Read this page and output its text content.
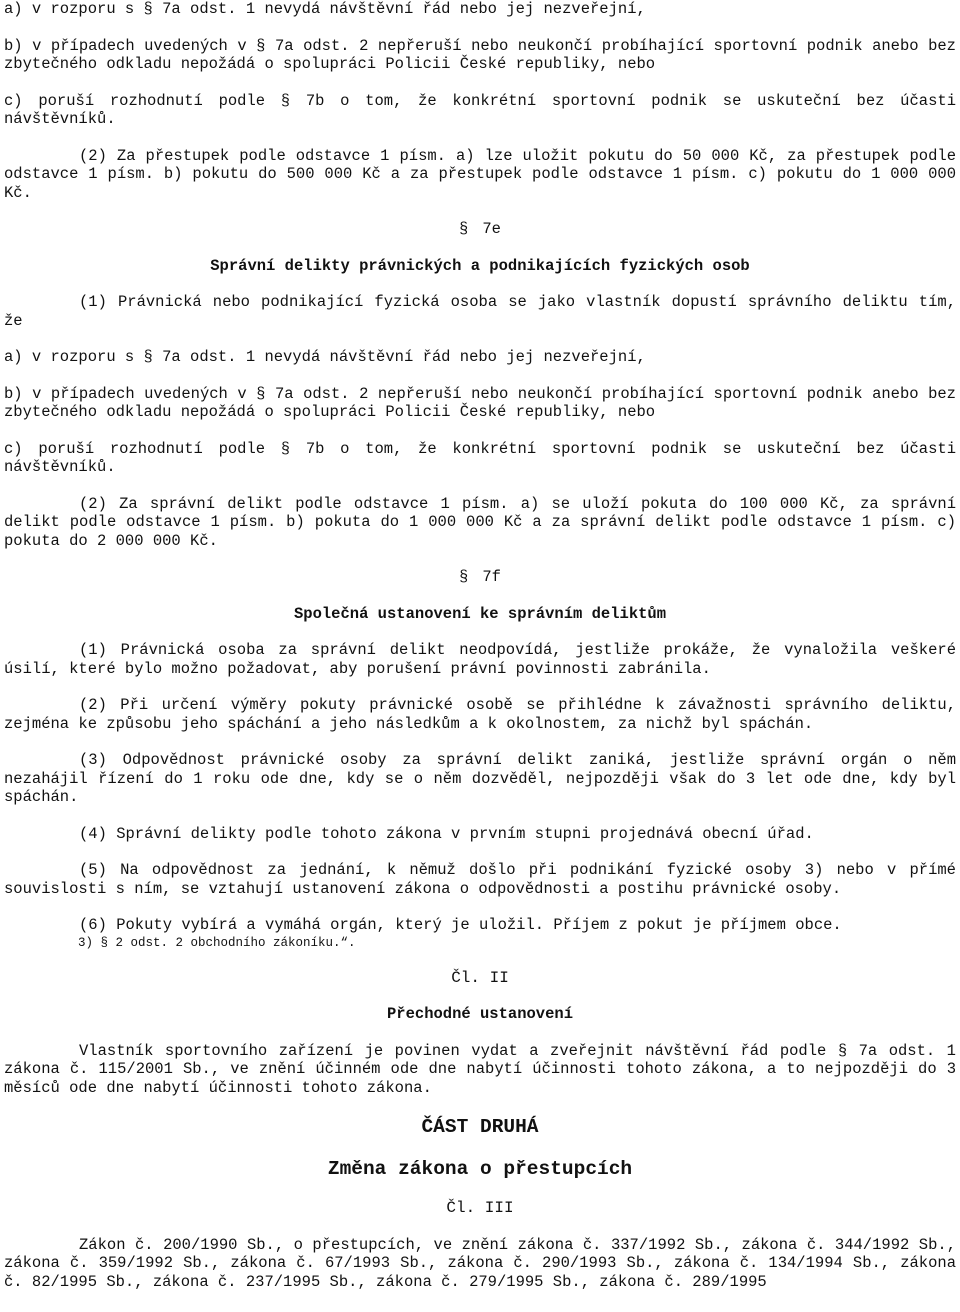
a) v rozporu s § 7a odst. 1 nevydá návštěvní řád nebo jej nezveřejní,

b) v případech uvedených v § 7a odst. 2 nepřeruší nebo neukončí probíhající sportovní podnik anebo bez zbytečného odkladu nepožádá o spolupráci Policii České republiky, nebo

c) poruší rozhodnutí podle § 7b o tom, že konkrétní sportovní podnik se uskuteční bez účasti návštěvníků.

(2) Za přestupek podle odstavce 1 písm. a) lze uložit pokutu do 50 000 Kč, za přestupek podle odstavce 1 písm. b) pokutu do 500 000 Kč a za přestupek podle odstavce 1 písm. c) pokutu do 1 000 000 Kč.

§ 7e

Správní delikty právnických a podnikajících fyzických osob

(1) Právnická nebo podnikající fyzická osoba se jako vlastník dopustí správního deliktu tím, že

a) v rozporu s § 7a odst. 1 nevydá návštěvní řád nebo jej nezveřejní,

b) v případech uvedených v § 7a odst. 2 nepřeruší nebo neukončí probíhající sportovní podnik anebo bez zbytečného odkladu nepožádá o spolupráci Policii České republiky, nebo

c) poruší rozhodnutí podle § 7b o tom, že konkrétní sportovní podnik se uskuteční bez účasti návštěvníků.

(2) Za správní delikt podle odstavce 1 písm. a) se uloží pokuta do 100 000 Kč, za správní delikt podle odstavce 1 písm. b) pokuta do 1 000 000 Kč a za správní delikt podle odstavce 1 písm. c) pokuta do 2 000 000 Kč.

§ 7f

Společná ustanovení ke správním deliktům

(1) Právnická osoba za správní delikt neodpovídá, jestliže prokáže, že vynaložila veškeré úsilí, které bylo možno požadovat, aby porušení právní povinnosti zabránila.

(2) Při určení výměry pokuty právnické osobě se přihlédne k závažnosti správního deliktu, zejména ke způsobu jeho spáchání a jeho následkům a k okolnostem, za nichž byl spáchán.

(3) Odpovědnost právnické osoby za správní delikt zaniká, jestliže správní orgán o něm nezahájil řízení do 1 roku ode dne, kdy se o něm dozvěděl, nejpozději však do 3 let ode dne, kdy byl spáchán.

(4) Správní delikty podle tohoto zákona v prvním stupni projednává obecní úřad.

(5) Na odpovědnost za jednání, k němuž došlo při podnikání fyzické osoby 3) nebo v přímé souvislosti s ním, se vztahují ustanovení zákona o odpovědnosti a postihu právnické osoby.

(6) Pokuty vybírá a vymáhá orgán, který je uložil. Příjem z pokut je příjmem obce.

3) § 2 odst. 2 obchodního zákoníku.“.

Čl. II

Přechodné ustanovení

Vlastník sportovního zařízení je povinen vydat a zveřejnit návštěvní řád podle § 7a odst. 1 zákona č. 115/2001 Sb., ve znění účinném ode dne nabytí účinnosti tohoto zákona, a to nejpozději do 3 měsíců ode dne nabytí účinnosti tohoto zákona.

ČÁST DRUHÁ

Změna zákona o přestupcích

Čl. III

Zákon č. 200/1990 Sb., o přestupcích, ve znění zákona č. 337/1992 Sb., zákona č. 344/1992 Sb., zákona č. 359/1992 Sb., zákona č. 67/1993 Sb., zákona č. 290/1993 Sb., zákona č. 134/1994 Sb., zákona č. 82/1995 Sb., zákona č. 237/1995 Sb., zákona č. 279/1995 Sb., zákona č. 289/1995
